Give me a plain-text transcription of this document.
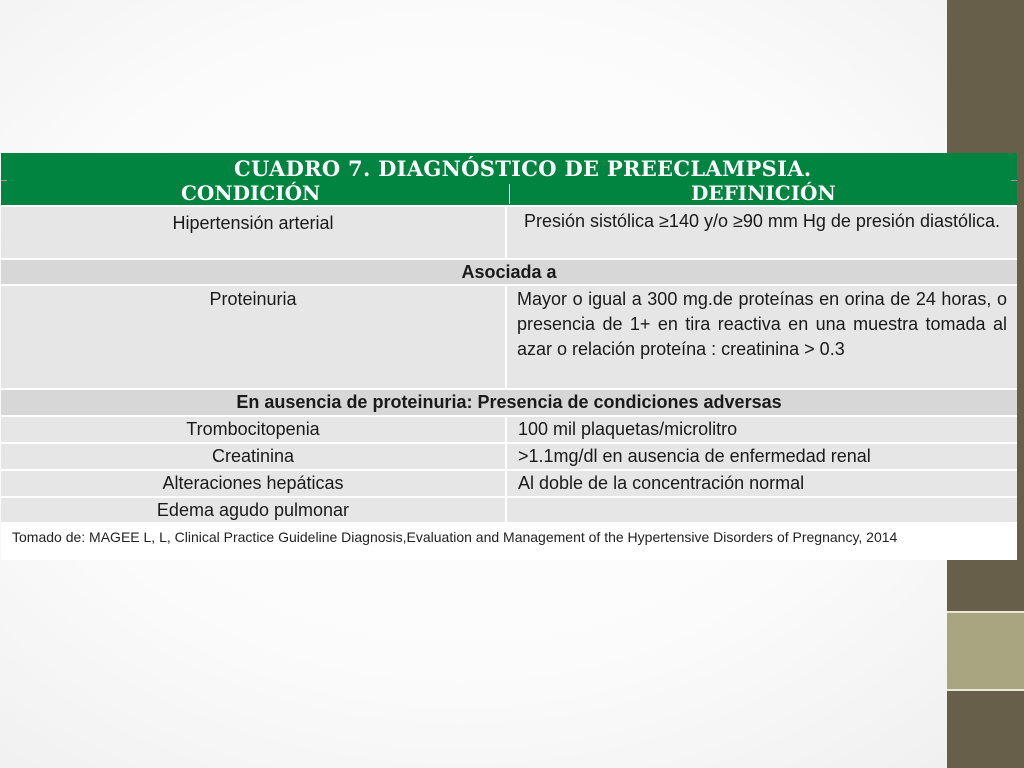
CUADRO 7. DIAGNÓSTICO DE PREECLAMPSIA.
CONDICIÓN	DEFINICIÓN
Hipertensión arterial	Presión sistólica ≥140 y/o ≥90 mm Hg de presión diastólica.
Asociada a
Proteinuria	Mayor o igual a 300 mg.de proteínas en orina de 24 horas, o presencia de 1+ en tira reactiva en una muestra tomada al azar o relación proteína : creatinina > 0.3
En ausencia de proteinuria: Presencia de condiciones adversas
Trombocitopenia	100 mil plaquetas/microlitro
Creatinina	>1.1mg/dl en ausencia de enfermedad renal
Alteraciones hepáticas	Al doble de la concentración normal
Edema agudo pulmonar
Tomado de: MAGEE L, L, Clinical Practice Guideline Diagnosis,Evaluation and Management of the Hypertensive Disorders of Pregnancy, 2014
